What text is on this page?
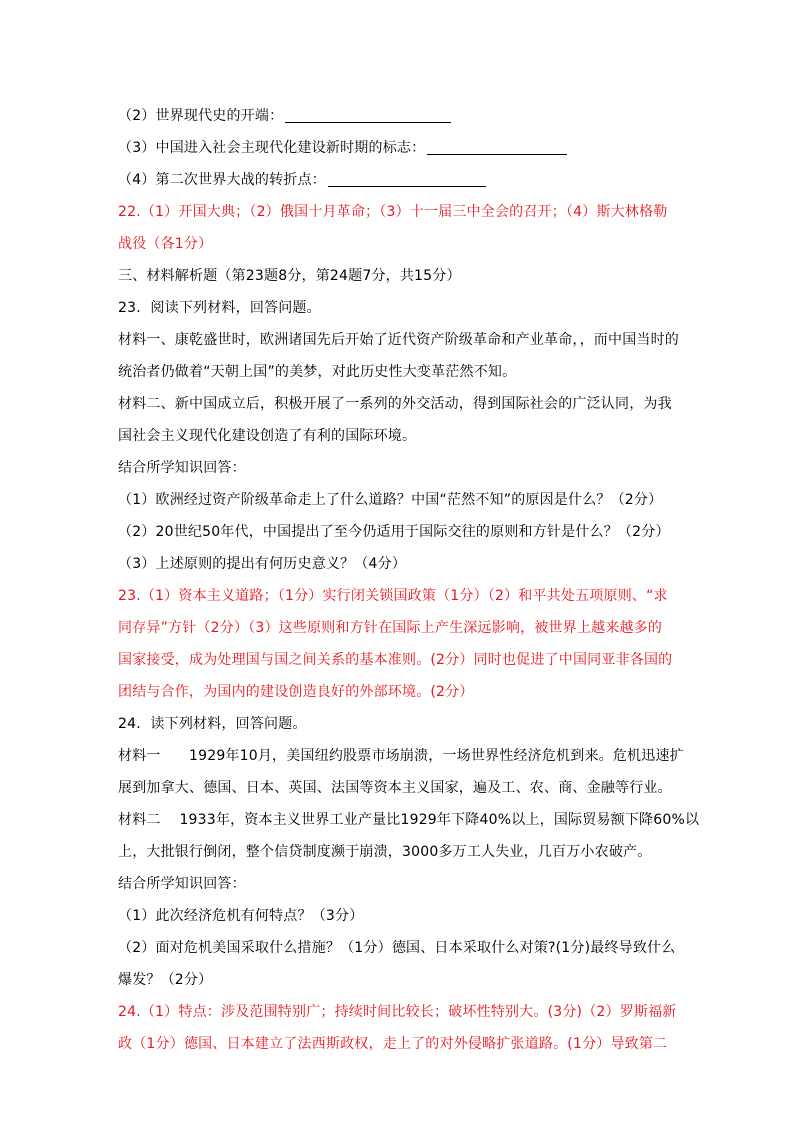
（2）世界现代史的开端：
（3）中国进入社会主现代化建设新时期的标志：
（4）第二次世界大战的转折点：
22.（1）开国大典；（2）俄国十月革命；（3）十一届三中全会的召开；（4）斯大林格勒
战役（各1分）
三、材料解析题（第23题8分，第24题7分，共15分）
23．阅读下列材料，回答问题。
材料一、康乾盛世时，欧洲诸国先后开始了近代资产阶级革命和产业革命，，而中国当时的
统治者仍做着“天朝上国”的美梦，对此历史性大变革茫然不知。
材料二、新中国成立后，积极开展了一系列的外交活动，得到国际社会的广泛认同，为我
国社会主义现代化建设创造了有利的国际环境。
结合所学知识回答：
（1）欧洲经过资产阶级革命走上了什么道路？中国“茫然不知”的原因是什么？（2分）
（2）20世纪50年代，中国提出了至今仍适用于国际交往的原则和方针是什么？（2分）
（3）上述原则的提出有何历史意义？（4分）
23.（1）资本主义道路；（1分）实行闭关锁国政策（1分）（2）和平共处五项原则、“求
同存异”方针（2分）（3）这些原则和方针在国际上产生深远影响，被世界上越来越多的
国家接受，成为处理国与国之间关系的基本准则。(2分）同时也促进了中国同亚非各国的
团结与合作，为国内的建设创造良好的外部环境。(2分）
24．读下列材料，回答问题。
材料一　　1929年10月，美国纽约股票市场崩溃，一场世界性经济危机到来。危机迅速扩
展到加拿大、德国、日本、英国、法国等资本主义国家，遍及工、农、商、金融等行业。
材料二　 1933年，资本主义世界工业产量比1929年下降40%以上，国际贸易额下降60%以
上，大批银行倒闭，整个信贷制度濒于崩溃，3000多万工人失业，几百万小农破产。
结合所学知识回答：
（1）此次经济危机有何特点？（3分）
（2）面对危机美国采取什么措施？（1分）德国、日本采取什么对策?(1分)最终导致什么
爆发？（2分）
24.（1）特点：涉及范围特别广；持续时间比较长；破坏性特别大。(3分)（2）罗斯福新
政（1分）德国、日本建立了法西斯政权，走上了的对外侵略扩张道路。(1分）导致第二
